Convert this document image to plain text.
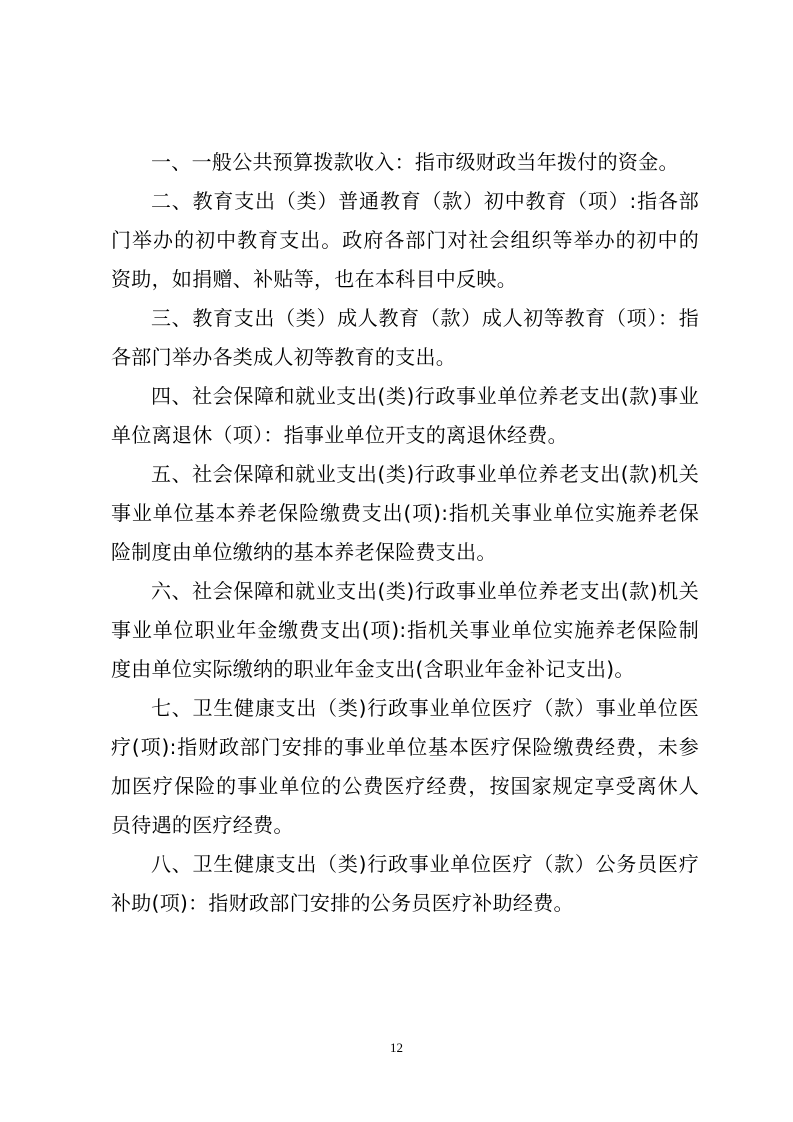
一、一般公共预算拨款收入：指市级财政当年拨付的资金。

二、教育支出（类）普通教育（款）初中教育（项）:指各部门举办的初中教育支出。政府各部门对社会组织等举办的初中的资助，如捐赠、补贴等，也在本科目中反映。

三、教育支出（类）成人教育（款）成人初等教育（项）：指各部门举办各类成人初等教育的支出。

四、社会保障和就业支出(类)行政事业单位养老支出(款)事业单位离退休（项）：指事业单位开支的离退休经费。

五、社会保障和就业支出(类)行政事业单位养老支出(款)机关事业单位基本养老保险缴费支出(项):指机关事业单位实施养老保险制度由单位缴纳的基本养老保险费支出。

六、社会保障和就业支出(类)行政事业单位养老支出(款)机关事业单位职业年金缴费支出(项):指机关事业单位实施养老保险制度由单位实际缴纳的职业年金支出(含职业年金补记支出)。

七、卫生健康支出（类)行政事业单位医疗（款）事业单位医疗(项):指财政部门安排的事业单位基本医疗保险缴费经费，未参加医疗保险的事业单位的公费医疗经费，按国家规定享受离休人员待遇的医疗经费。

八、卫生健康支出（类)行政事业单位医疗（款）公务员医疗补助(项)：指财政部门安排的公务员医疗补助经费。

12
